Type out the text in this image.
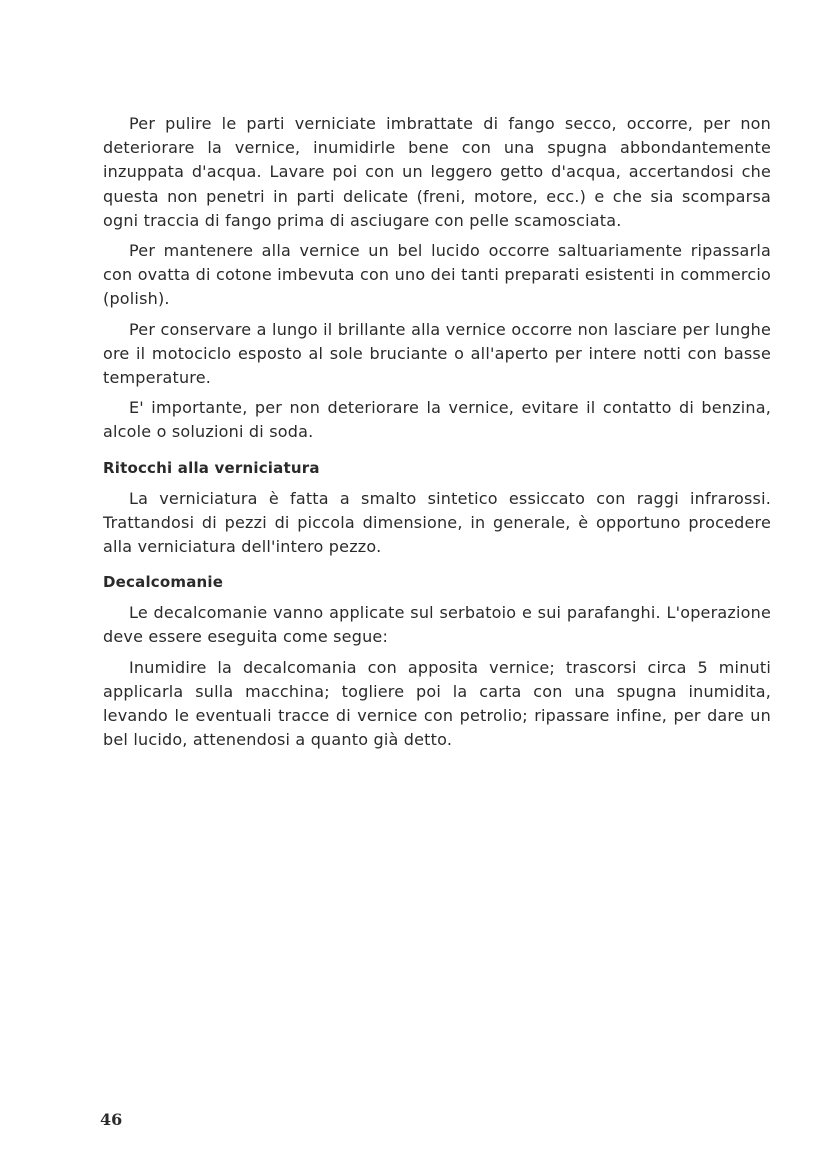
Per pulire le parti verniciate imbrattate di fango secco, occorre, per non deteriorare la vernice, inumidirle bene con una spugna abbondantemente inzuppata d'acqua. Lavare poi con un leggero getto d'acqua, accertandosi che questa non penetri in parti delicate (freni, motore, ecc.) e che sia scomparsa ogni traccia di fango prima di asciugare con pelle scamosciata.

Per mantenere alla vernice un bel lucido occorre saltuariamente ripassarla con ovatta di cotone imbevuta con uno dei tanti preparati esistenti in commercio (polish).

Per conservare a lungo il brillante alla vernice occorre non lasciare per lunghe ore il motociclo esposto al sole bruciante o all'aperto per intere notti con basse temperature.

E' importante, per non deteriorare la vernice, evitare il contatto di benzina, alcole o soluzioni di soda.

Ritocchi alla verniciatura

La verniciatura è fatta a smalto sintetico essiccato con raggi infrarossi. Trattandosi di pezzi di piccola dimensione, in generale, è opportuno procedere alla verniciatura dell'intero pezzo.

Decalcomanie

Le decalcomanie vanno applicate sul serbatoio e sui parafanghi. L'operazione deve essere eseguita come segue:

Inumidire la decalcomania con apposita vernice; trascorsi circa 5 minuti applicarla sulla macchina; togliere poi la carta con una spugna inumidita, levando le eventuali tracce di vernice con petrolio; ripassare infine, per dare un bel lucido, attenendosi a quanto già detto.

46
